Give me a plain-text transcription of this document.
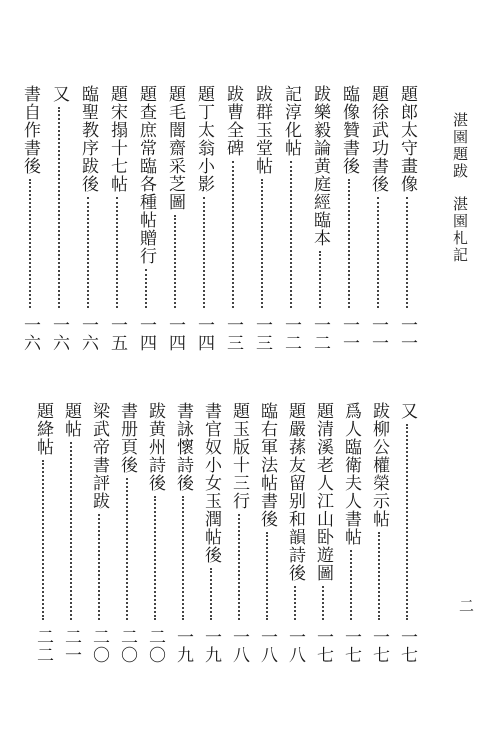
湛園題跋
湛園札記
題郎太守畫像
一一
題徐武功書後
一一
臨像贊書後
一一
跋樂毅論黄庭經臨本
一二
記淳化帖
一二
跋群玉堂帖
一三
跋曹全碑
一三
題丁太翁小影
一四
題毛闇齋采芝圖
一四
題查庶常臨各種帖贈行
一四
題宋搨十七帖
一五
臨聖教序跋後
一六
又
一六
書自作書後
一六
又
一七
跋柳公權榮示帖
一七
爲人臨衛夫人書帖
一七
題清溪老人江山卧遊圖
一七
題嚴蓀友留别和韻詩後
一八
臨右軍法帖書後
一八
題玉版十三行
一八
書官奴小女玉潤帖後
一九
書詠懷詩後
一九
跋黄州詩後
二〇
書册頁後
二〇
梁武帝書評跋
二〇
題帖
二一
題絳帖
二二
二
